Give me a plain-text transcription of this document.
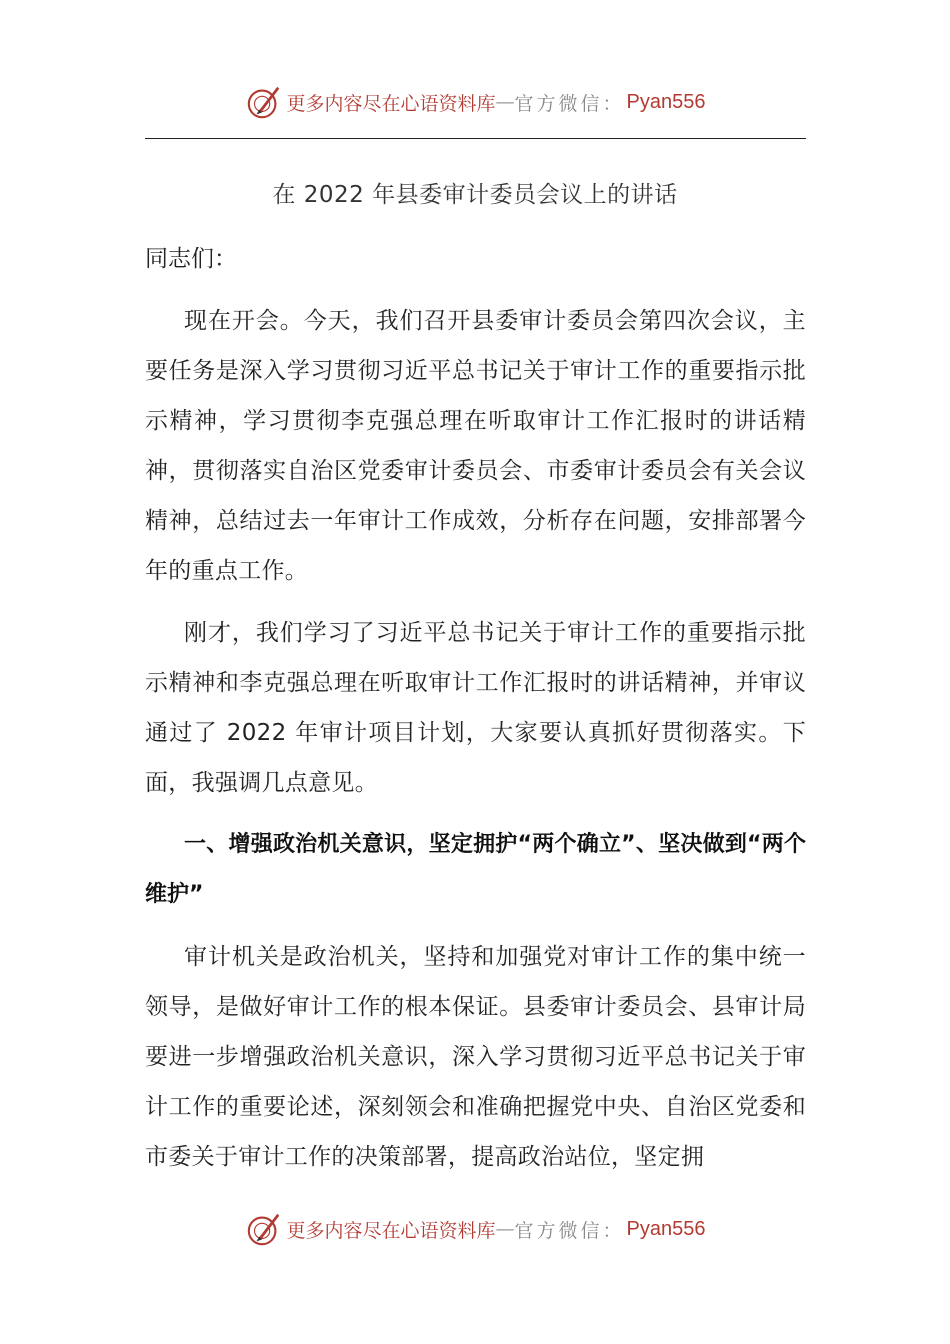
更多内容尽在心语资料库 — 官方微信： Pyan556
在 2022 年县委审计委员会议上的讲话

同志们：

现在开会。今天，我们召开县委审计委员会第四次会议，主要任务是深入学习贯彻习近平总书记关于审计工作的重要指示批示精神，学习贯彻李克强总理在听取审计工作汇报时的讲话精神，贯彻落实自治区党委审计委员会、市委审计委员会有关会议精神，总结过去一年审计工作成效，分析存在问题，安排部署今年的重点工作。

刚才，我们学习了习近平总书记关于审计工作的重要指示批示精神和李克强总理在听取审计工作汇报时的讲话精神，并审议通过了 2022 年审计项目计划，大家要认真抓好贯彻落实。下面，我强调几点意见。

一、增强政治机关意识，坚定拥护“两个确立”、坚决做到“两个维护”

审计机关是政治机关，坚持和加强党对审计工作的集中统一领导，是做好审计工作的根本保证。县委审计委员会、县审计局要进一步增强政治机关意识，深入学习贯彻习近平总书记关于审计工作的重要论述，深刻领会和准确把握党中央、自治区党委和市委关于审计工作的决策部署，提高政治站位，坚定拥

更多内容尽在心语资料库 — 官方微信： Pyan556
